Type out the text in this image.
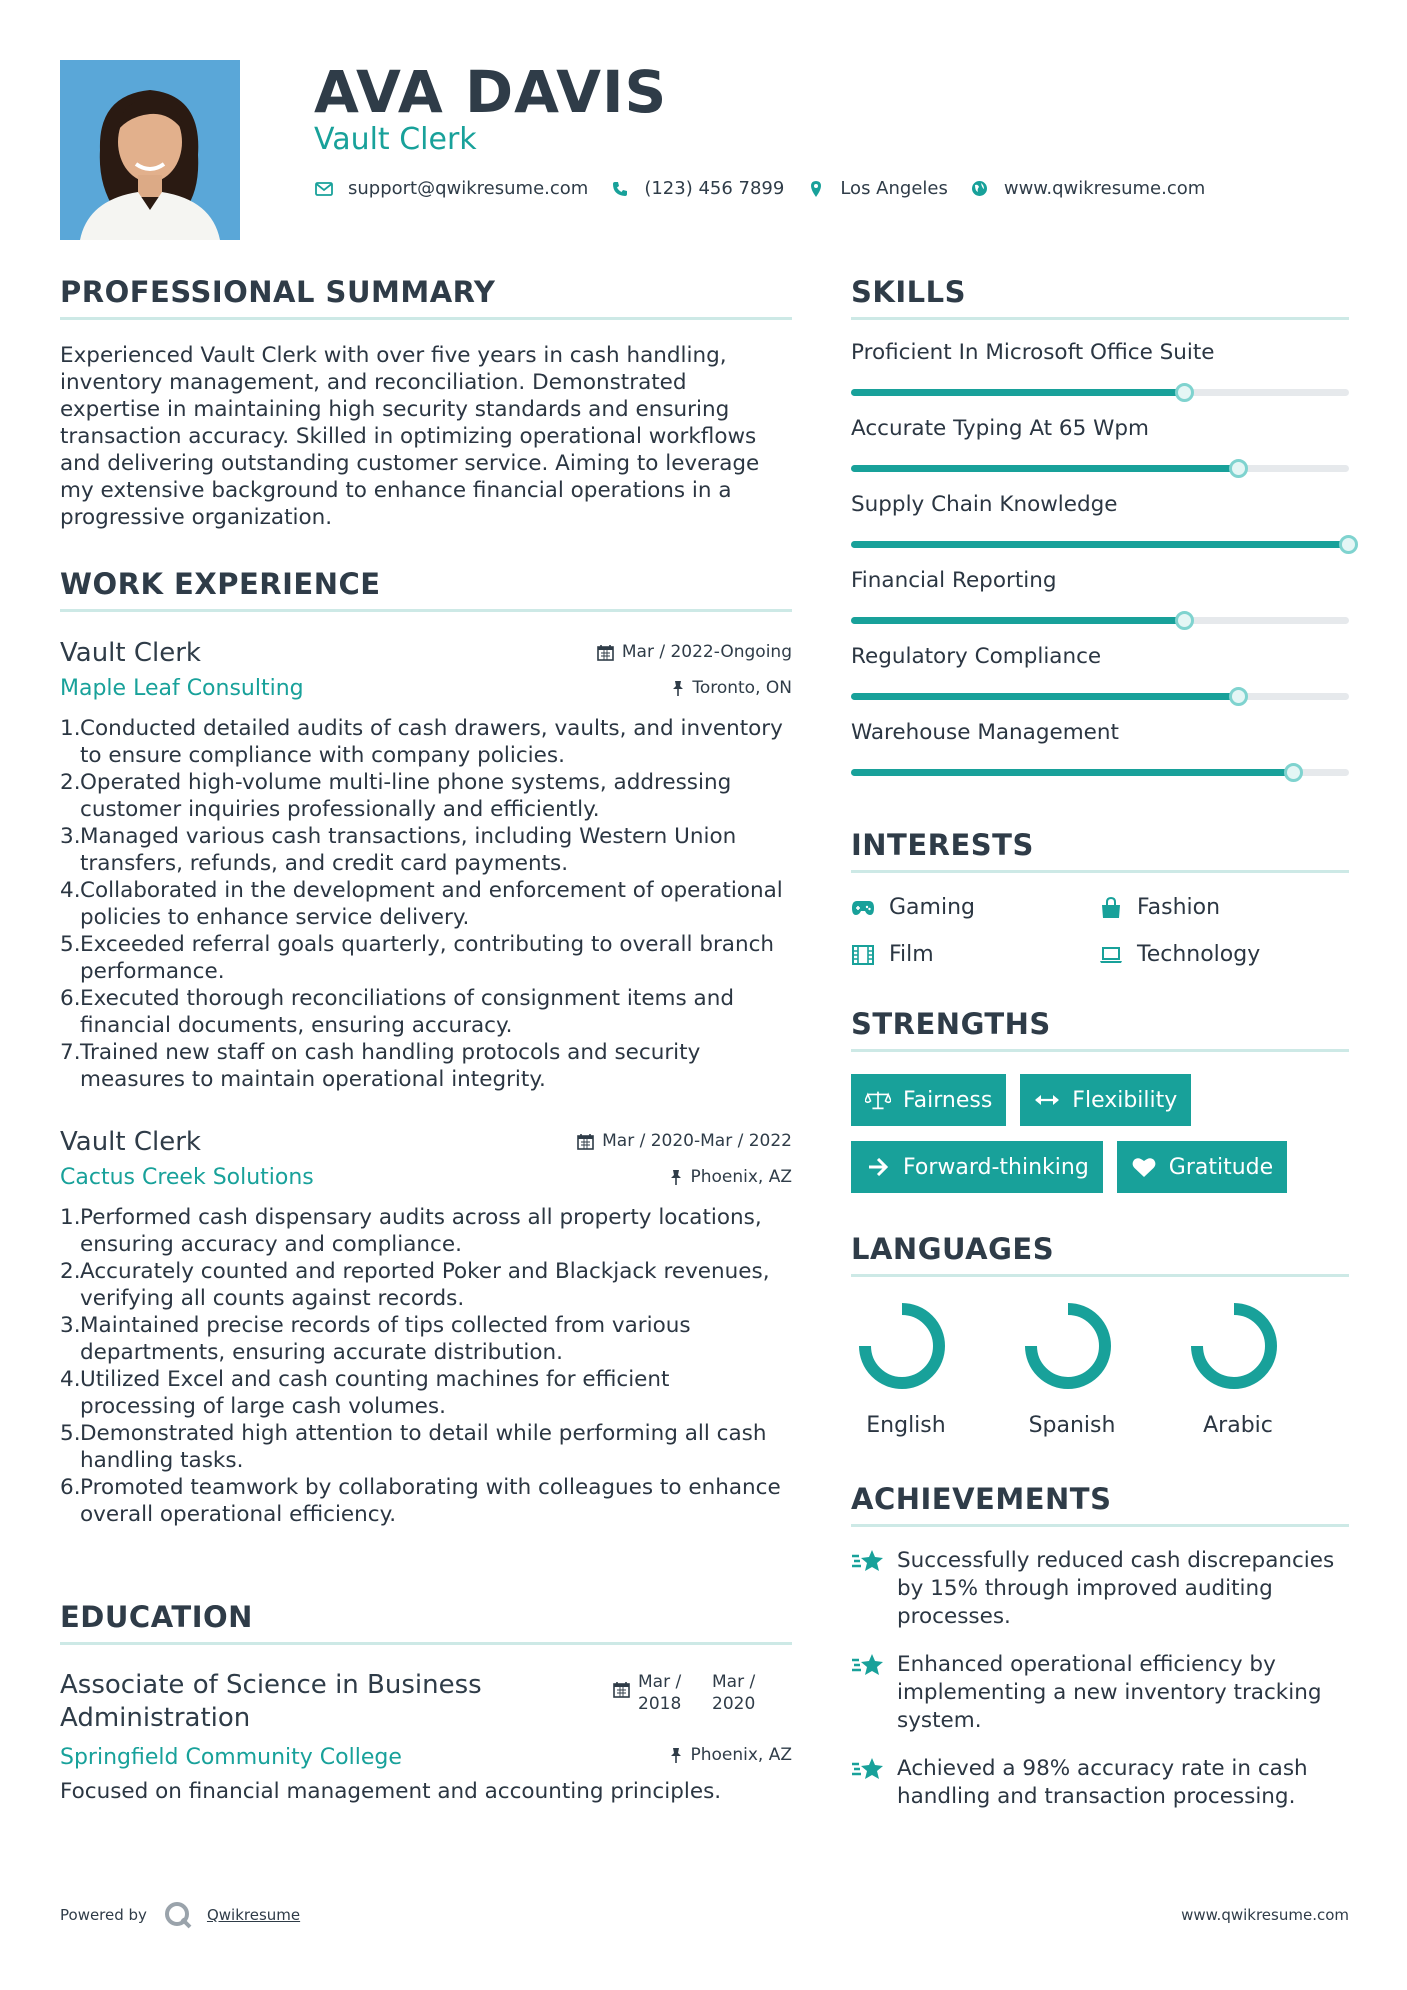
AVA DAVIS
Vault Clerk
support@qwikresume.com	(123) 456 7899	Los Angeles	www.qwikresume.com
PROFESSIONAL SUMMARY
Experienced Vault Clerk with over five years in cash handling, inventory management, and reconciliation. Demonstrated expertise in maintaining high security standards and ensuring transaction accuracy. Skilled in optimizing operational workflows and delivering outstanding customer service. Aiming to leverage my extensive background to enhance financial operations in a progressive organization.
WORK EXPERIENCE
Mar / 2022-Ongoing
Toronto, ON
Vault Clerk
Maple Leaf Consulting
Conducted detailed audits of cash drawers, vaults, and inventory to ensure compliance with company policies.
Operated high-volume multi-line phone systems, addressing customer inquiries professionally and efficiently.
Managed various cash transactions, including Western Union transfers, refunds, and credit card payments.
Collaborated in the development and enforcement of operational policies to enhance service delivery.
Exceeded referral goals quarterly, contributing to overall branch performance.
Executed thorough reconciliations of consignment items and financial documents, ensuring accuracy.
Trained new staff on cash handling protocols and security measures to maintain operational integrity.
Mar / 2020-Mar / 2022
Phoenix, AZ
Vault Clerk
Cactus Creek Solutions
Performed cash dispensary audits across all property locations, ensuring accuracy and compliance.
Accurately counted and reported Poker and Blackjack revenues, verifying all counts against records.
Maintained precise records of tips collected from various departments, ensuring accurate distribution.
Utilized Excel and cash counting machines for efficient processing of large cash volumes.
Demonstrated high attention to detail while performing all cash handling tasks.
Promoted teamwork by collaborating with colleagues to enhance overall operational efficiency.
EDUCATION
Mar / 2018
Mar / 2020
Associate of Science in Business Administration
Springfield Community College	Phoenix, AZ
Focused on financial management and accounting principles.
SKILLS
Proficient In Microsoft Office Suite
Accurate Typing At 65 Wpm
Supply Chain Knowledge
Financial Reporting
Regulatory Compliance
Warehouse Management
INTERESTS
Gaming	Fashion
Film	Technology
STRENGTHS
Fairness	Flexibility
Forward-thinking	Gratitude
LANGUAGES
English	Spanish	Arabic
ACHIEVEMENTS
Successfully reduced cash discrepancies by 15% through improved auditing processes.
Enhanced operational efficiency by implementing a new inventory tracking system.
Achieved a 98% accuracy rate in cash handling and transaction processing.
Powered by	Qwikresume	www.qwikresume.com
